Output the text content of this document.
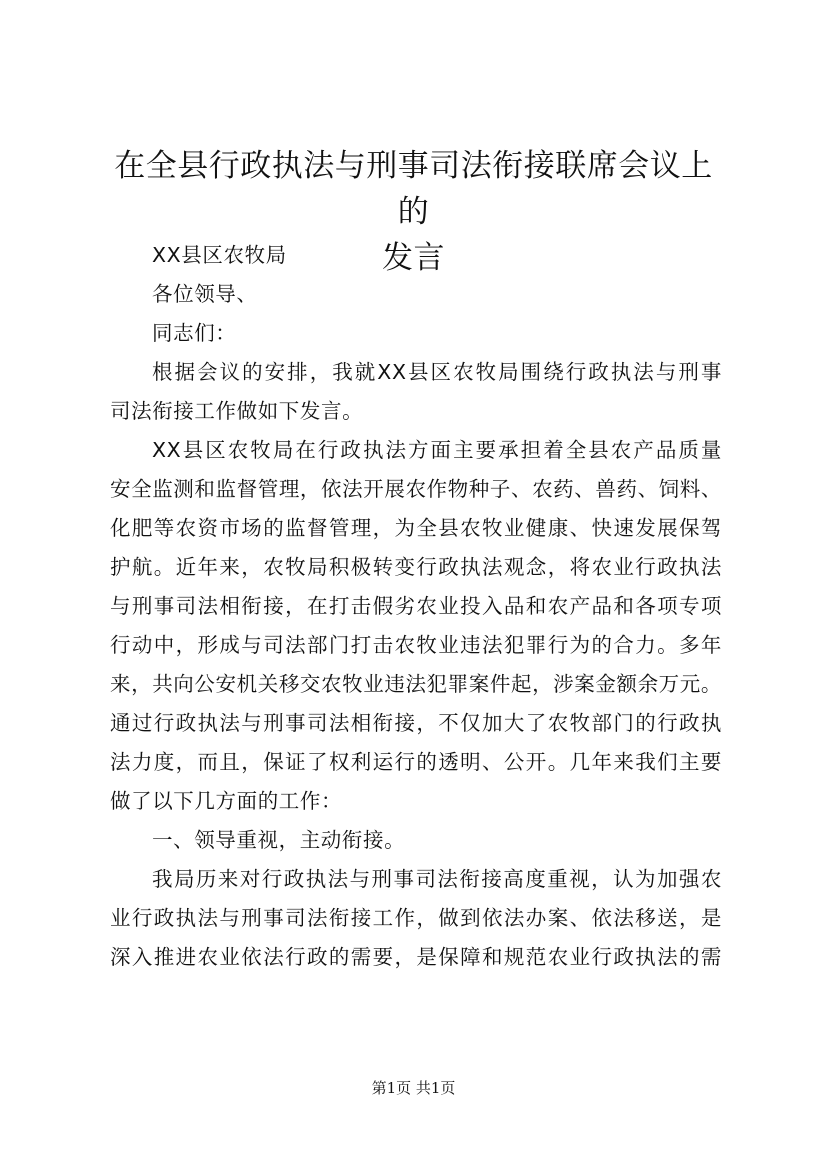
在全县行政执法与刑事司法衔接联席会议上的
发言
XX县区农牧局
各位领导、
同志们：
根据会议的安排，我就XX县区农牧局围绕行政执法与刑事
司法衔接工作做如下发言。
XX县区农牧局在行政执法方面主要承担着全县农产品质量
安全监测和监督管理，依法开展农作物种子、农药、兽药、饲料、
化肥等农资市场的监督管理，为全县农牧业健康、快速发展保驾
护航。近年来，农牧局积极转变行政执法观念，将农业行政执法
与刑事司法相衔接，在打击假劣农业投入品和农产品和各项专项
行动中，形成与司法部门打击农牧业违法犯罪行为的合力。多年
来，共向公安机关移交农牧业违法犯罪案件起，涉案金额余万元。
通过行政执法与刑事司法相衔接，不仅加大了农牧部门的行政执
法力度，而且，保证了权利运行的透明、公开。几年来我们主要
做了以下几方面的工作：
一、领导重视，主动衔接。
我局历来对行政执法与刑事司法衔接高度重视，认为加强农
业行政执法与刑事司法衔接工作，做到依法办案、依法移送，是
深入推进农业依法行政的需要，是保障和规范农业行政执法的需
第1页 共1页
